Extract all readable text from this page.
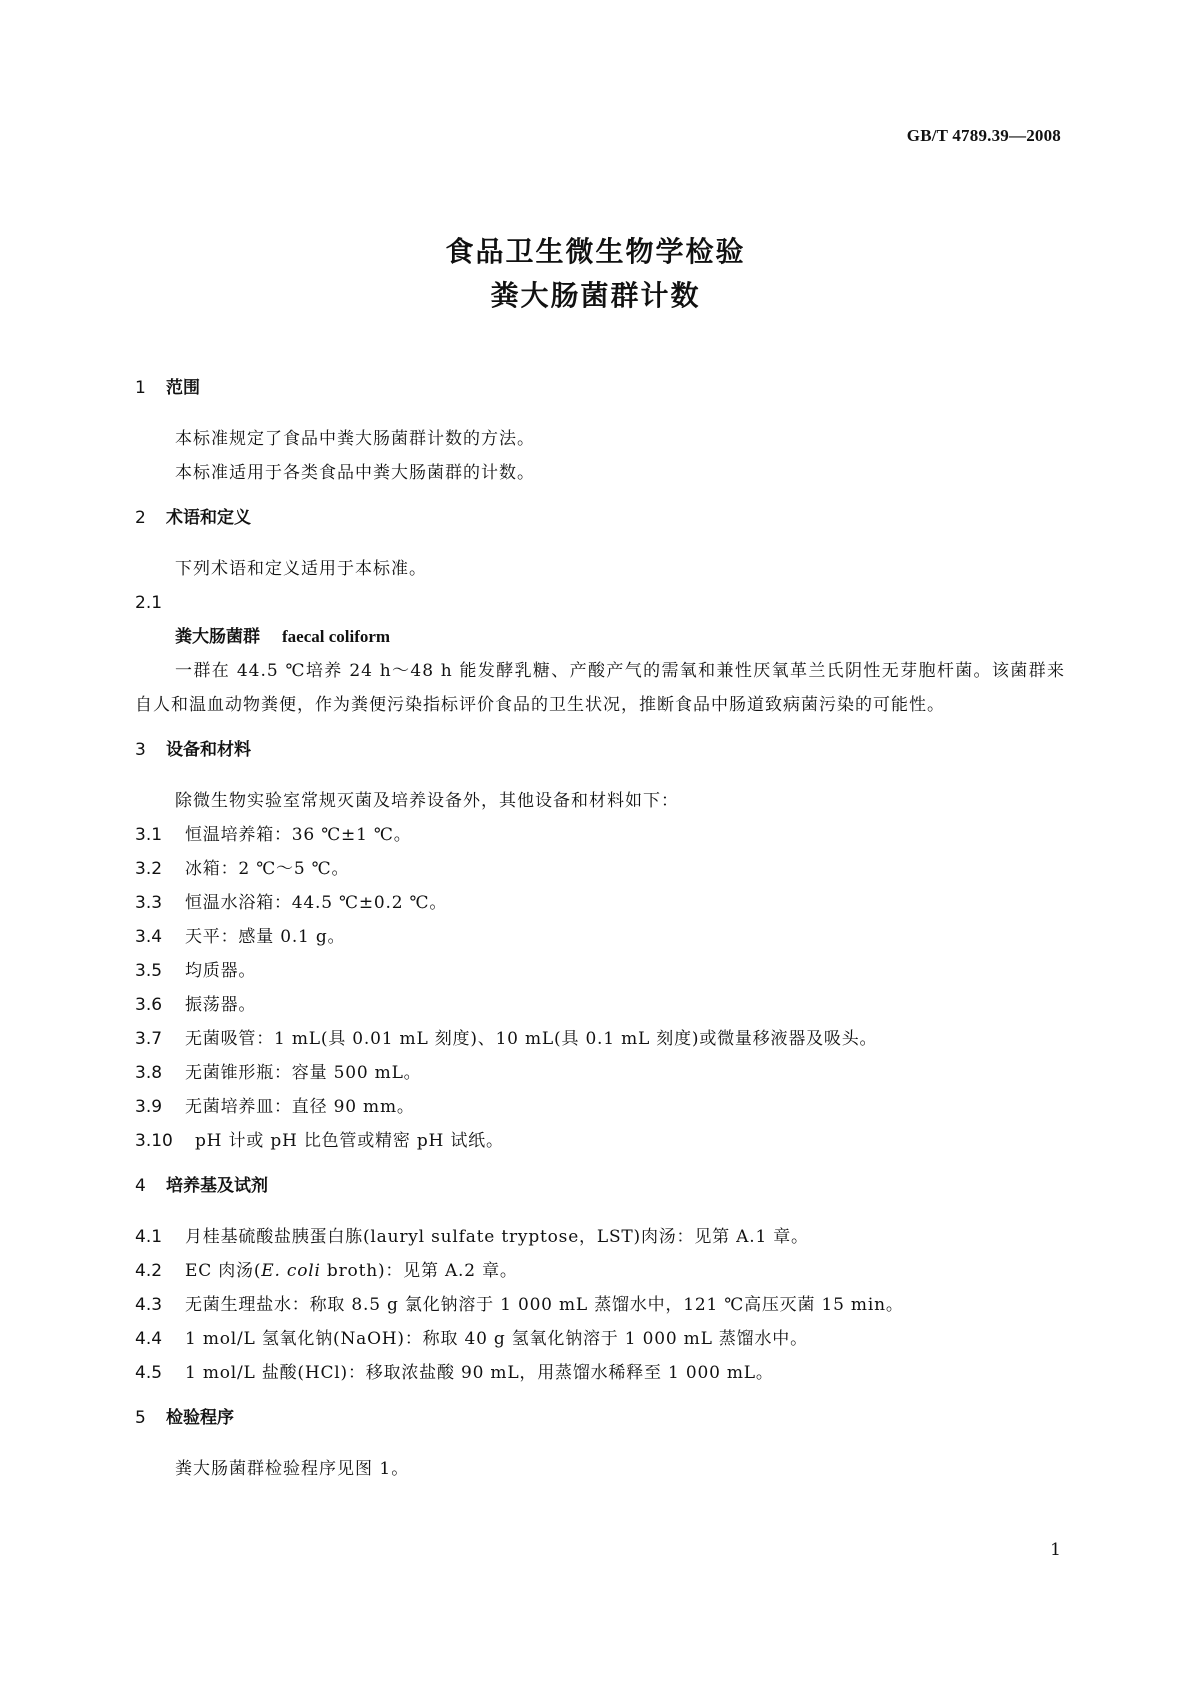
GB/T 4789.39—2008
食品卫生微生物学检验
粪大肠菌群计数
1 范围

本标准规定了食品中粪大肠菌群计数的方法。

本标准适用于各类食品中粪大肠菌群的计数。

2 术语和定义

下列术语和定义适用于本标准。

2.1
粪大肠菌群 faecal coliform

一群在 44.5 ℃培养 24 h～48 h 能发酵乳糖、产酸产气的需氧和兼性厌氧革兰氏阴性无芽胞杆菌。该菌群来自人和温血动物粪便，作为粪便污染指标评价食品的卫生状况，推断食品中肠道致病菌污染的可能性。

3 设备和材料

除微生物实验室常规灭菌及培养设备外，其他设备和材料如下：

3.1 恒温培养箱：36 ℃±1 ℃。
3.2 冰箱：2 ℃～5 ℃。
3.3 恒温水浴箱：44.5 ℃±0.2 ℃。
3.4 天平：感量 0.1 g。
3.5 均质器。
3.6 振荡器。
3.7 无菌吸管：1 mL(具 0.01 mL 刻度)、10 mL(具 0.1 mL 刻度)或微量移液器及吸头。
3.8 无菌锥形瓶：容量 500 mL。
3.9 无菌培养皿：直径 90 mm。
3.10 pH 计或 pH 比色管或精密 pH 试纸。
4 培养基及试剂
4.1 月桂基硫酸盐胰蛋白胨(lauryl sulfate tryptose，LST)肉汤：见第 A.1 章。
4.2 EC 肉汤(E. coli broth)：见第 A.2 章。
4.3 无菌生理盐水：称取 8.5 g 氯化钠溶于 1 000 mL 蒸馏水中，121 ℃高压灭菌 15 min。
4.4 1 mol/L 氢氧化钠(NaOH)：称取 40 g 氢氧化钠溶于 1 000 mL 蒸馏水中。
4.5 1 mol/L 盐酸(HCl)：移取浓盐酸 90 mL，用蒸馏水稀释至 1 000 mL。
5 检验程序

粪大肠菌群检验程序见图 1。

1
